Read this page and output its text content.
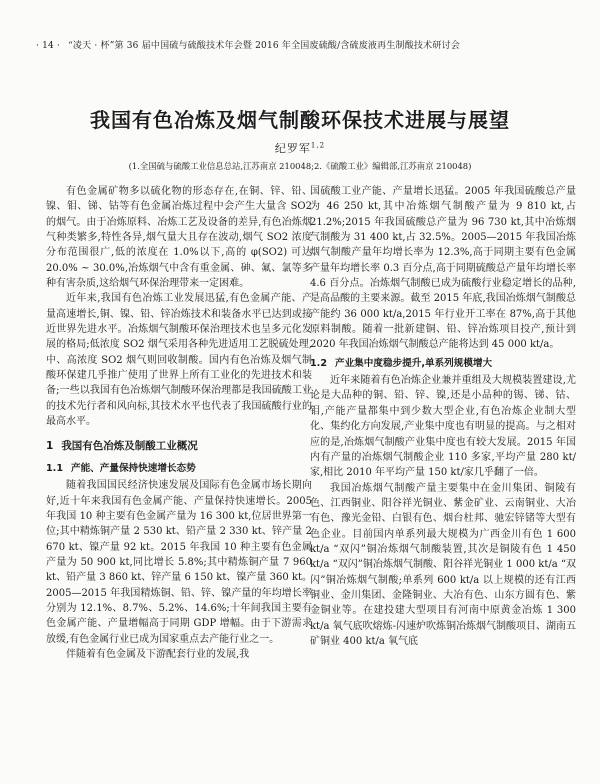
· 14 · “凌天 · 杯”第 36 届中国硫与硫酸技术年会暨 2016 年全国废硫酸/含硫废液再生制酸技术研讨会
我国有色冶炼及烟气制酸环保技术进展与展望
纪罗军$^{1,2}$
(1.全国硫与硫酸工业信息总站,江苏南京 210048;2.《硫酸工业》编辑部,江苏南京 210048)

有色金属矿物多以硫化物的形态存在,在铜、锌、铅、镍、钼、锑、钴等有色金属冶炼过程中会产生大量含 SO2 的烟气。由于冶炼原料、冶炼工艺及设备的差异,有色冶炼烟气种类繁多,特性各异,烟气量大且存在波动,烟气 SO2 浓度分布范围很广,低的浓度在 1.0%以下,高的 φ(SO2) 可达 20.0% ~ 30.0%,冶炼烟气中含有重金属、砷、氟、氯等多种有害杂质,这给烟气环保治理带来一定困难。

近年来,我国有色冶炼工业发展迅猛,有色金属产能、产量高速增长,铜、镍、铅、锌冶炼技术和装备水平已达到或接近世界先进水平。冶炼烟气制酸环保治理技术也呈多元化发展的格局;低浓度 SO2 烟气采用各种先进适用工艺脱硫处理,中、高浓度 SO2 烟气则回收制酸。国内有色冶炼及烟气制酸环保建几乎推广使用了世界上所有工业化的先进技术和装备;一些以我国有色冶炼烟气制酸环保治理都是我国硫酸工业的技术先行者和风向标,其技术水平也代表了我国硫酸行业的最高水平。

1 我国有色冶炼及制酸工业概况
1.1 产能、产量保持快速增长态势

随着我国国民经济快速发展及国际有色金属市场长期向好,近十年来我国有色金属产能、产量保持快速增长。2005 年我国 10 种主要有色金属产量为 16 300 kt,位居世界第一位;其中精炼铜产量 2 530 kt、铅产量 2 330 kt、锌产量 2 670 kt、镍产量 92 kt。2015 年我国 10 种主要有色金属产量为 50 900 kt,同比增长 5.8%;其中精炼铜产量 7 960 kt、铅产量 3 860 kt、锌产量 6 150 kt、镍产量 360 kt。2005—2015 年我国精炼铜、铅、锌、镍产量的年均增长率分别为 12.1%、8.7%、5.2%、14.6%;十年间我国主要有色金属产能、产量增幅高于同期 GDP 增幅。由于下游需求放缓,有色金属行业已成为国家重点去产能行业之一。

伴随着有色金属及下游配套行业的发展,我

国硫酸工业产能、产量增长迅猛。2005 年我国硫酸总产量为 46 250 kt,其中冶炼烟气制酸产量为 9 810 kt,占 21.2%;2015 年我国硫酸总产量为 96 730 kt,其中冶炼烟气制酸为 31 400 kt,占 32.5%。2005—2015 年我国冶炼烟气制酸产量年均增长率为 12.3%,高于同期主要有色金属产量年均增长率 0.3 百分点,高于同期硫酸总产量年均增长率 4.6 百分点。冶炼烟气制酸已成为硫酸行业稳定增长的品种,是高品酸的主要来源。截至 2015 年底,我国冶炼烟气制酸总产能约 36 000 kt/a,2015 年行业开工率在 87%,高于其他原料制酸。随着一批新建铜、铅、锌冶炼项目投产,预计到 2020 年我国冶炼烟气制酸总产能将达到 45 000 kt/a。

1.2 产业集中度稳步提升,单系列规模增大

近年来随着有色冶炼企业兼并重组及大规模装置建设,尤论是大品种的铜、铅、锌、镍,还是小品种的锡、锑、钴、钼,产能产量都集中到少数大型企业,有色冶炼企业制大型化、集约化方向发展,产业集中度也有明显的提高。与之相对应的是,冶炼烟气制酸产业集中度也有较大发展。2015 年国内有产量的冶炼烟气制酸企业 110 多家,平均产量 280 kt/家,相比 2010 年平均产量 150 kt/家几乎翻了一倍。

我国冶炼烟气制酸产量主要集中在金川集团、铜陵有色、江西铜业、阳谷祥光铜业、紫金矿业、云南铜业、大冶有色、豫光金铅、白银有色、烟台杜邦、驰宏锌锗等大型有色企业。目前国内单系列最大规模为广西金川有色 1 600 kt/a “双闪”铜冶炼烟气制酸装置,其次是铜陵有色 1 450 kt/a “双闪”铜冶炼烟气制酸、阳谷祥光铜业 1 000 kt/a “双闪”铜冶炼烟气制酸;单系列 600 kt/a 以上规模的还有江西铜业、金川集团、金隆铜业、大冶有色、山东方圆有色、紫金铜业等。在建投建大型项目有河南中原黄金冶炼 1 300 kt/a 氧气底吹熔炼-闪速炉吹炼铜冶炼烟气制酸项目、湖南五矿铜业 400 kt/a 氧气底
